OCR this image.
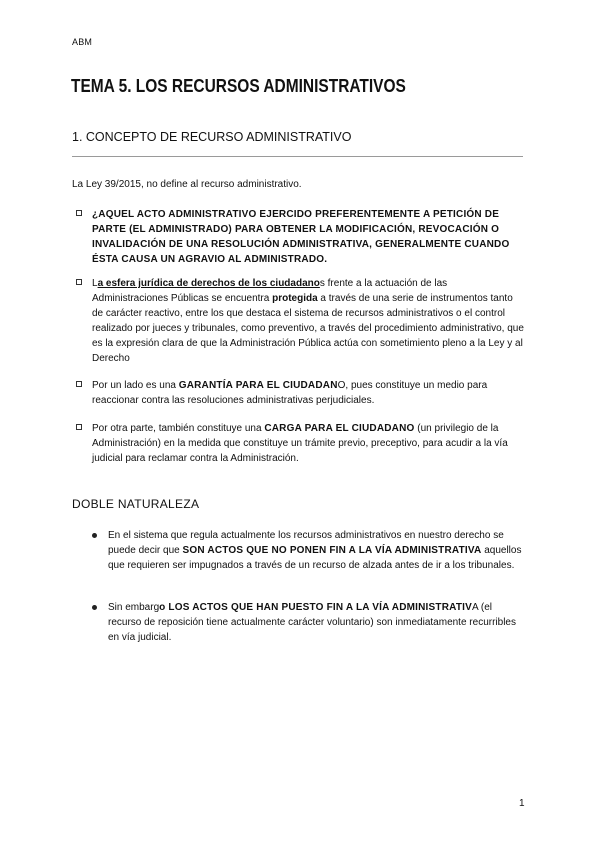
ABM
TEMA 5. LOS RECURSOS ADMINISTRATIVOS
1. CONCEPTO DE RECURSO ADMINISTRATIVO
La Ley 39/2015, no define al recurso administrativo.
¿AQUEL ACTO ADMINISTRATIVO EJERCIDO PREFERENTEMENTE A PETICIÓN DE PARTE (EL ADMINISTRADO) PARA OBTENER LA MODIFICACIÓN, REVOCACIÓN O INVALIDACIÓN DE UNA RESOLUCIÓN ADMINISTRATIVA, GENERALMENTE CUANDO ÉSTA CAUSA UN AGRAVIO AL ADMINISTRADO.
La esfera jurídica de derechos de los ciudadanos frente a la actuación de las Administraciones Públicas se encuentra protegida a través de una serie de instrumentos tanto de carácter reactivo, entre los que destaca el sistema de recursos administrativos o el control realizado por jueces y tribunales, como preventivo, a través del procedimiento administrativo, que es la expresión clara de que la Administración Pública actúa con sometimiento pleno a la Ley y al Derecho
Por un lado es una GARANTÍA PARA EL CIUDADANO, pues constituye un medio para reaccionar contra las resoluciones administrativas perjudiciales.
Por otra parte, también constituye una CARGA PARA EL CIUDADANO (un privilegio de la Administración) en la medida que constituye un trámite previo, preceptivo, para acudir a la vía judicial para reclamar contra la Administración.
DOBLE NATURALEZA
En el sistema que regula actualmente los recursos administrativos en nuestro derecho se puede decir que SON ACTOS QUE NO PONEN FIN A LA VÍA ADMINISTRATIVA aquellos que requieren ser impugnados a través de un recurso de alzada antes de ir a los tribunales.
Sin embargo LOS ACTOS QUE HAN PUESTO FIN A LA VÍA ADMINISTRATIVA (el recurso de reposición tiene actualmente carácter voluntario) son inmediatamente recurribles en vía judicial.
1
